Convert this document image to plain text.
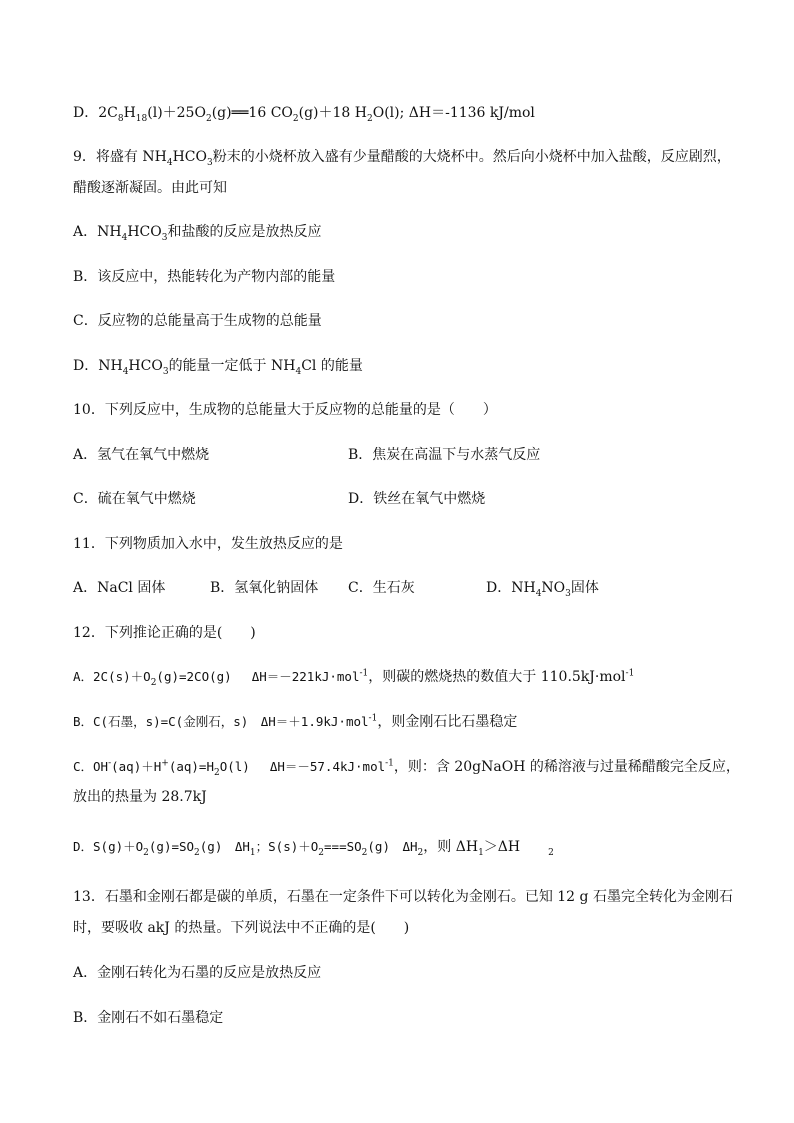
D．$2C_8H_{18}(l)+25O_2(g)══16$ $CO_2(g)+18$ $H_2O(l)$; ΔH＝-1136 kJ/mol
9．将盛有 $NH_4HCO_3$粉末的小烧杯放入盛有少量醋酸的大烧杯中。然后向小烧杯中加入盐酸，反应剧烈，
醋酸逐渐凝固。由此可知
A．$NH_4HCO_3$和盐酸的反应是放热反应
B．该反应中，热能转化为产物内部的能量
C．反应物的总能量高于生成物的总能量
D．$NH_4HCO_3$的能量一定低于 $NH_4Cl$ 的能量
10．下列反应中，生成物的总能量大于反应物的总能量的是（　　）
A．氢气在氧气中燃烧	B．焦炭在高温下与水蒸气反应
C．硫在氧气中燃烧	D．铁丝在氧气中燃烧
11．下列物质加入水中，发生放热反应的是
A．NaCl 固体	B．氢氧化钠固体 C．生石灰	D．$NH_4NO_3$固体
12．下列推论正确的是(　　)
A．$2C(s)+O_2(g)=2CO(g)$　 ΔH＝－221kJ·mol$^{-1}$，则碳的燃烧热的数值大于 110.5kJ·mol$^{-1}$
B．C(石墨，s)=C(金刚石，s)　ΔH＝＋1.9kJ·mol$^{-1}$，则金刚石比石墨稳定
C．$OH^-(aq)+H^+(aq)=H_2O(l)$　 ΔH＝－57.4kJ·mol$^{-1}$，则：含 20gNaOH 的稀溶液与过量稀醋酸完全反应，
放出的热量为 28.7kJ
D．$S(g)+O_2(g)=SO_2(g)$　$\Delta H_1$；$S(s)+O_2===SO_2(g)$　$\Delta H_2$，则 $\Delta H_1>\Delta H$	$_2$
13．石墨和金刚石都是碳的单质，石墨在一定条件下可以转化为金刚石。已知 12 g 石墨完全转化为金刚石
时，要吸收 akJ 的热量。下列说法中不正确的是(　　)
A．金刚石转化为石墨的反应是放热反应
B．金刚石不如石墨稳定
